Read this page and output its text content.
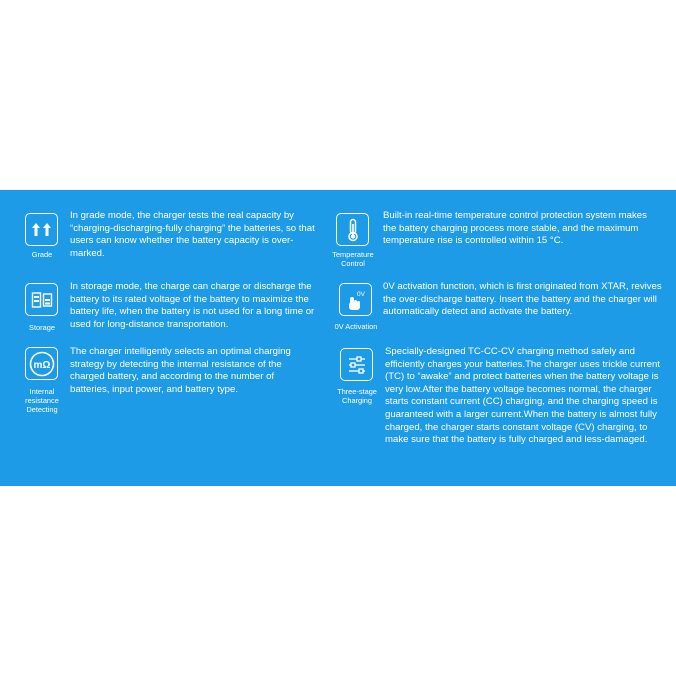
Grade

In grade mode, the charger tests the real capacity by “charging-discharging-fully charging” the batteries, so that users can know whether the battery capacity is over-marked.	Temperature Control

Built-in real-time temperature control protection system makes the battery charging process more stable, and the maximum temperature rise is controlled within 15 °C.

Storage

In storage mode, the charge can charge or discharge the battery to its rated voltage of the battery to maximize the battery life, when the battery is not used for a long time or used for long-distance transportation.

0V
0V Activation

0V activation function, which is first originated from XTAR, revives the over-discharge battery. Insert the battery and the charger will automatically detect and activate the battery.

mΩ
Internal resistance Detecting

The charger intelligently selects an optimal charging strategy by detecting the internal resistance of the charged battery, and according to the number of batteries, input power, and battery type.	Three-stage Charging

Specially-designed TC-CC-CV charging method safely and efficiently charges your batteries.The charger uses trickle current (TC) to “awake” and protect batteries when the battery voltage is very low.After the battery voltage becomes normal, the charger starts constant current (CC) charging, and the charging speed is guaranteed with a larger current.When the battery is almost fully charged, the charger starts constant voltage (CV) charging, to make sure that the battery is fully charged and less-damaged.
